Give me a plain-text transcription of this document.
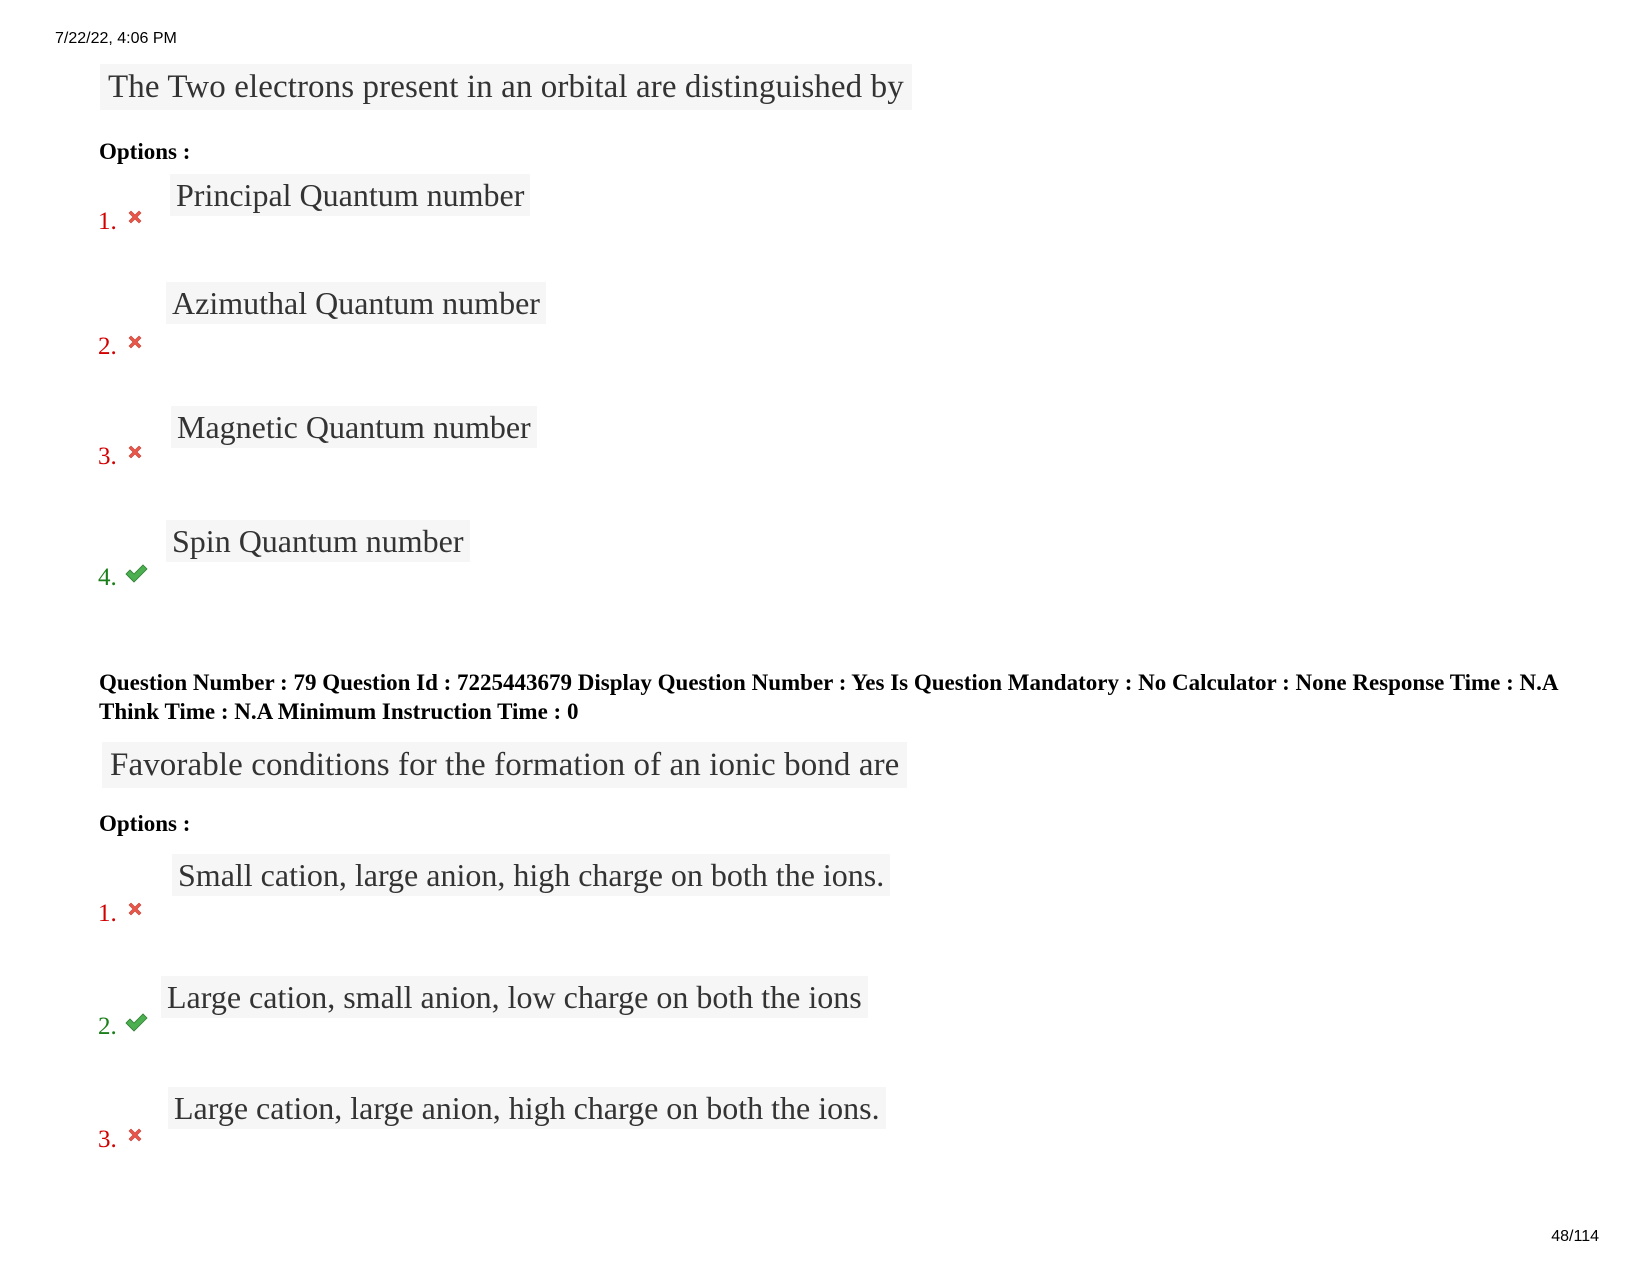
7/22/22, 4:06 PM
48/114
The Two electrons present in an orbital are distinguished by
Options :
Principal Quantum number
1.
Azimuthal Quantum number
2.
Magnetic Quantum number
3.
Spin Quantum number
4.
Question Number : 79 Question Id : 7225443679 Display Question Number : Yes Is Question Mandatory : No Calculator : None Response Time : N.A Think Time : N.A Minimum Instruction Time : 0
Favorable conditions for the formation of an ionic bond are
Options :
Small cation, large anion, high charge on both the ions.
1.
Large cation, small anion, low charge on both the ions
2.
Large cation, large anion, high charge on both the ions.
3.
